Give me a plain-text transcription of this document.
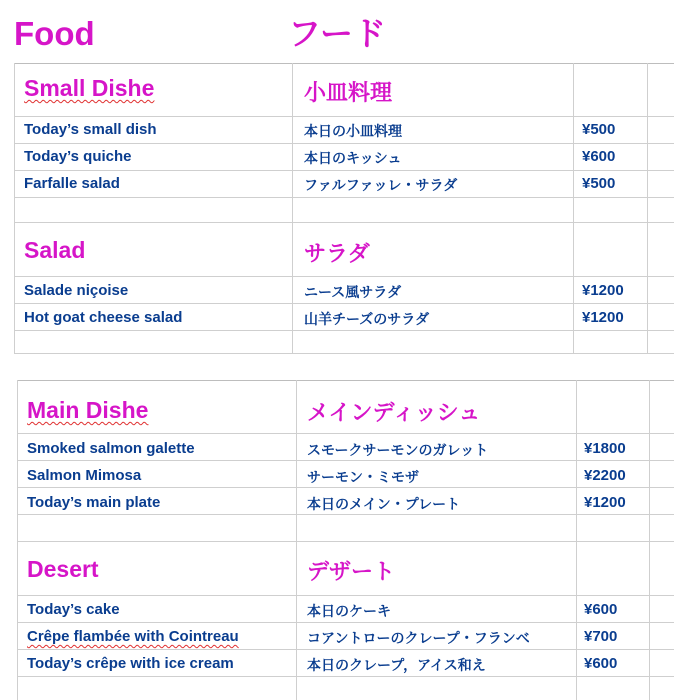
Food	フード
Small Dishe	小皿料理
Today’s small dish	本日の小皿料理	¥500
Today’s quiche	本日のキッシュ	¥600
Farfalle salad	ファルファッレ・サラダ	¥500
Salad	サラダ
Salade niçoise	ニース風サラダ	¥1200
Hot goat cheese salad	山羊チーズのサラダ	¥1200
Main Dishe	メインディッシュ
Smoked salmon galette	スモークサーモンのガレット	¥1800
Salmon Mimosa	サーモン・ミモザ	¥2200
Today’s main plate	本日のメイン・プレート	¥1200
Desert	デザート
Today’s cake	本日のケーキ	¥600
Crêpe flambée with Cointreau	コアントローのクレープ・フランベ	¥700
Today’s crêpe with ice cream	本日のクレープ，アイス和え	¥600
